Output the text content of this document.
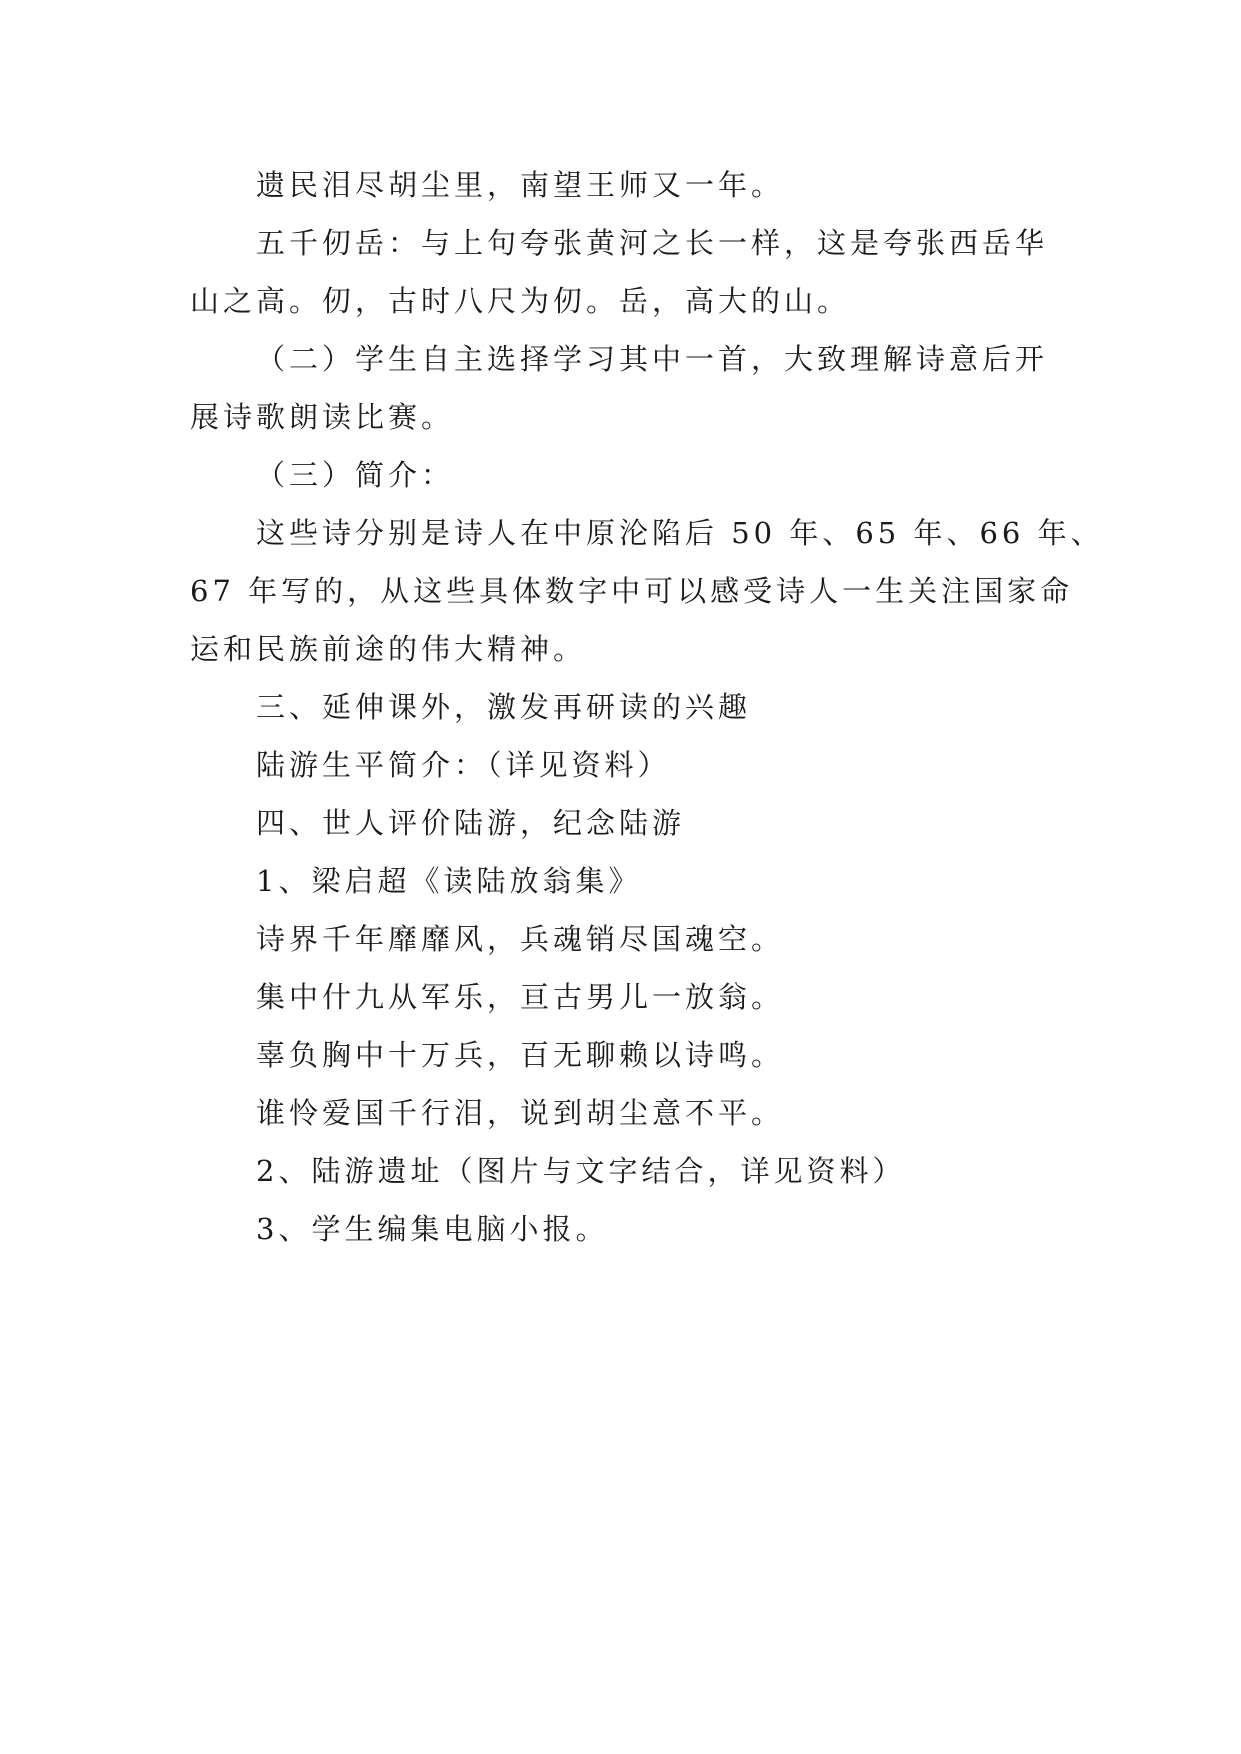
遗民泪尽胡尘里，南望王师又一年。
五千仞岳：与上句夸张黄河之长一样，这是夸张西岳华
山之高。仞，古时八尺为仞。岳，高大的山。
（二）学生自主选择学习其中一首，大致理解诗意后开
展诗歌朗读比赛。
（三）简介：
这些诗分别是诗人在中原沦陷后 50 年、65 年、66 年、
67 年写的，从这些具体数字中可以感受诗人一生关注国家命
运和民族前途的伟大精神。
三、延伸课外，激发再研读的兴趣
陆游生平简介：（详见资料）
四、世人评价陆游，纪念陆游
1、梁启超《读陆放翁集》
诗界千年靡靡风，兵魂销尽国魂空。
集中什九从军乐，亘古男儿一放翁。
辜负胸中十万兵，百无聊赖以诗鸣。
谁怜爱国千行泪，说到胡尘意不平。
2、陆游遗址（图片与文字结合，详见资料）
3、学生编集电脑小报。
